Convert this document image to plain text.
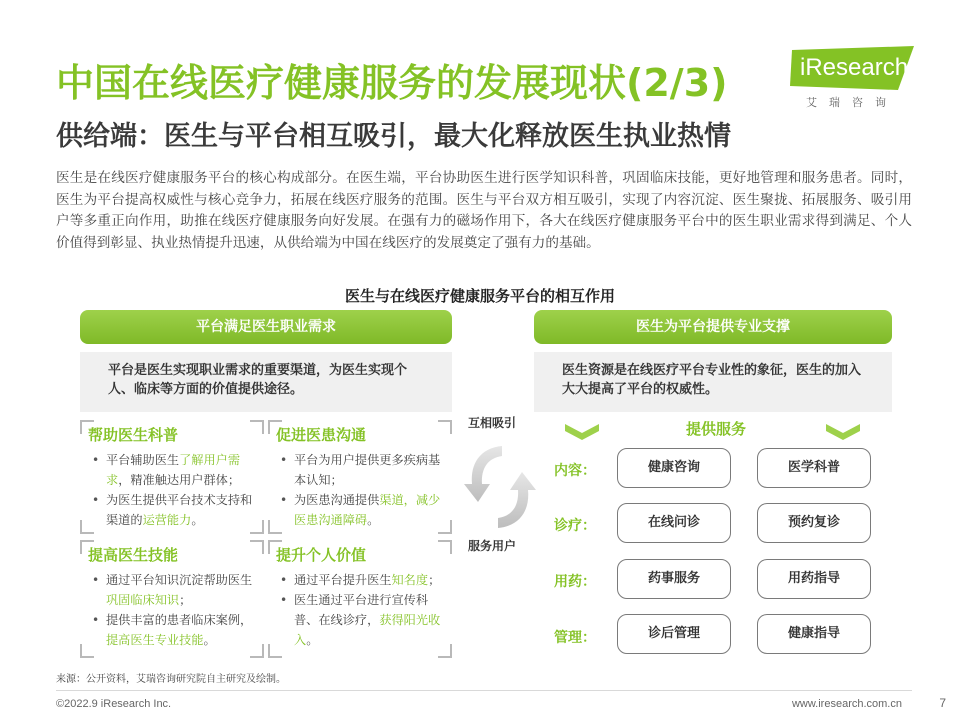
中国在线医疗健康服务的发展现状(2/3)
供给端：医生与平台相互吸引，最大化释放医生执业热情
iResearch
艾瑞咨询
医生是在线医疗健康服务平台的核心构成部分。在医生端，平台协助医生进行医学知识科普，巩固临床技能，更好地管理和服务患者。同时，医生为平台提高权威性与核心竞争力，拓展在线医疗服务的范围。医生与平台双方相互吸引，实现了内容沉淀、医生聚拢、拓展服务、吸引用户等多重正向作用，助推在线医疗健康服务向好发展。在强有力的磁场作用下，各大在线医疗健康服务平台中的医生职业需求得到满足、个人价值得到彰显、执业热情提升迅速，从供给端为中国在线医疗的发展奠定了强有力的基础。
医生与在线医疗健康服务平台的相互作用
平台满足医生职业需求
平台是医生实现职业需求的重要渠道，为医生实现个人、临床等方面的价值提供途径。
帮助医生科普
• 平台辅助医生了解用户需求，精准触达用户群体；
• 为医生提供平台技术支持和渠道的运营能力。
促进医患沟通
• 平台为用户提供更多疾病基本认知；
• 为医患沟通提供渠道，减少医患沟通障碍。
提高医生技能
• 通过平台知识沉淀帮助医生巩固临床知识；
• 提供丰富的患者临床案例，提高医生专业技能。
提升个人价值
• 通过平台提升医生知名度；
• 医生通过平台进行宣传科普、在线诊疗，获得阳光收入。
互相吸引
服务用户
医生为平台提供专业支撑
医生资源是在线医疗平台专业性的象征，医生的加入大大提高了平台的权威性。
提供服务
内容：	健康咨询	医学科普
诊疗：	在线问诊	预约复诊
用药：	药事服务	用药指导
管理：	诊后管理	健康指导
来源：公开资料，艾瑞咨询研究院自主研究及绘制。
©2022.9 iResearch Inc.	www.iresearch.com.cn	7
